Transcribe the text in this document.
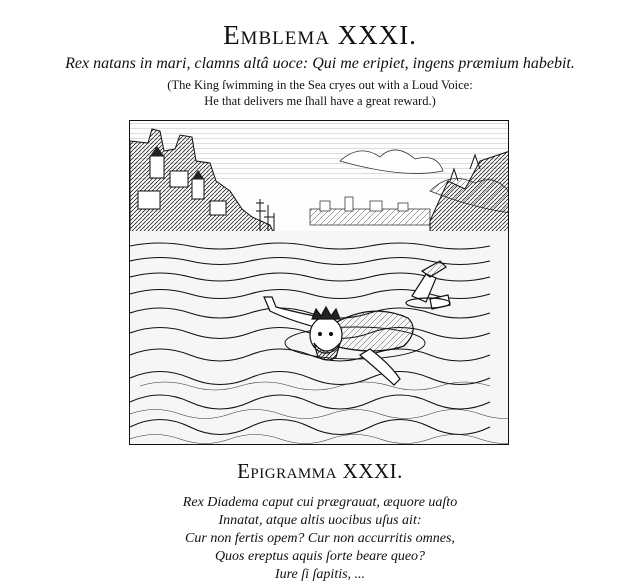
Emblema XXXI.
Rex natans in mari, clamns altâ uoce: Qui me eripiet, ingens præmium habebit.
(The King ſwimming in the Sea cryes out with a Loud Voice:
He that delivers me ſhall have a great reward.)
Epigramma XXXI.
Rex Diadema caput cui prægrauat, æquore uaſto
Innatat, atque altis uocibus uſus ait:
Cur non fertis opem? Cur non accurritis omnes,
Quos ereptus aquis ſorte beare queo?
Iure ſi ſapitis, ...
